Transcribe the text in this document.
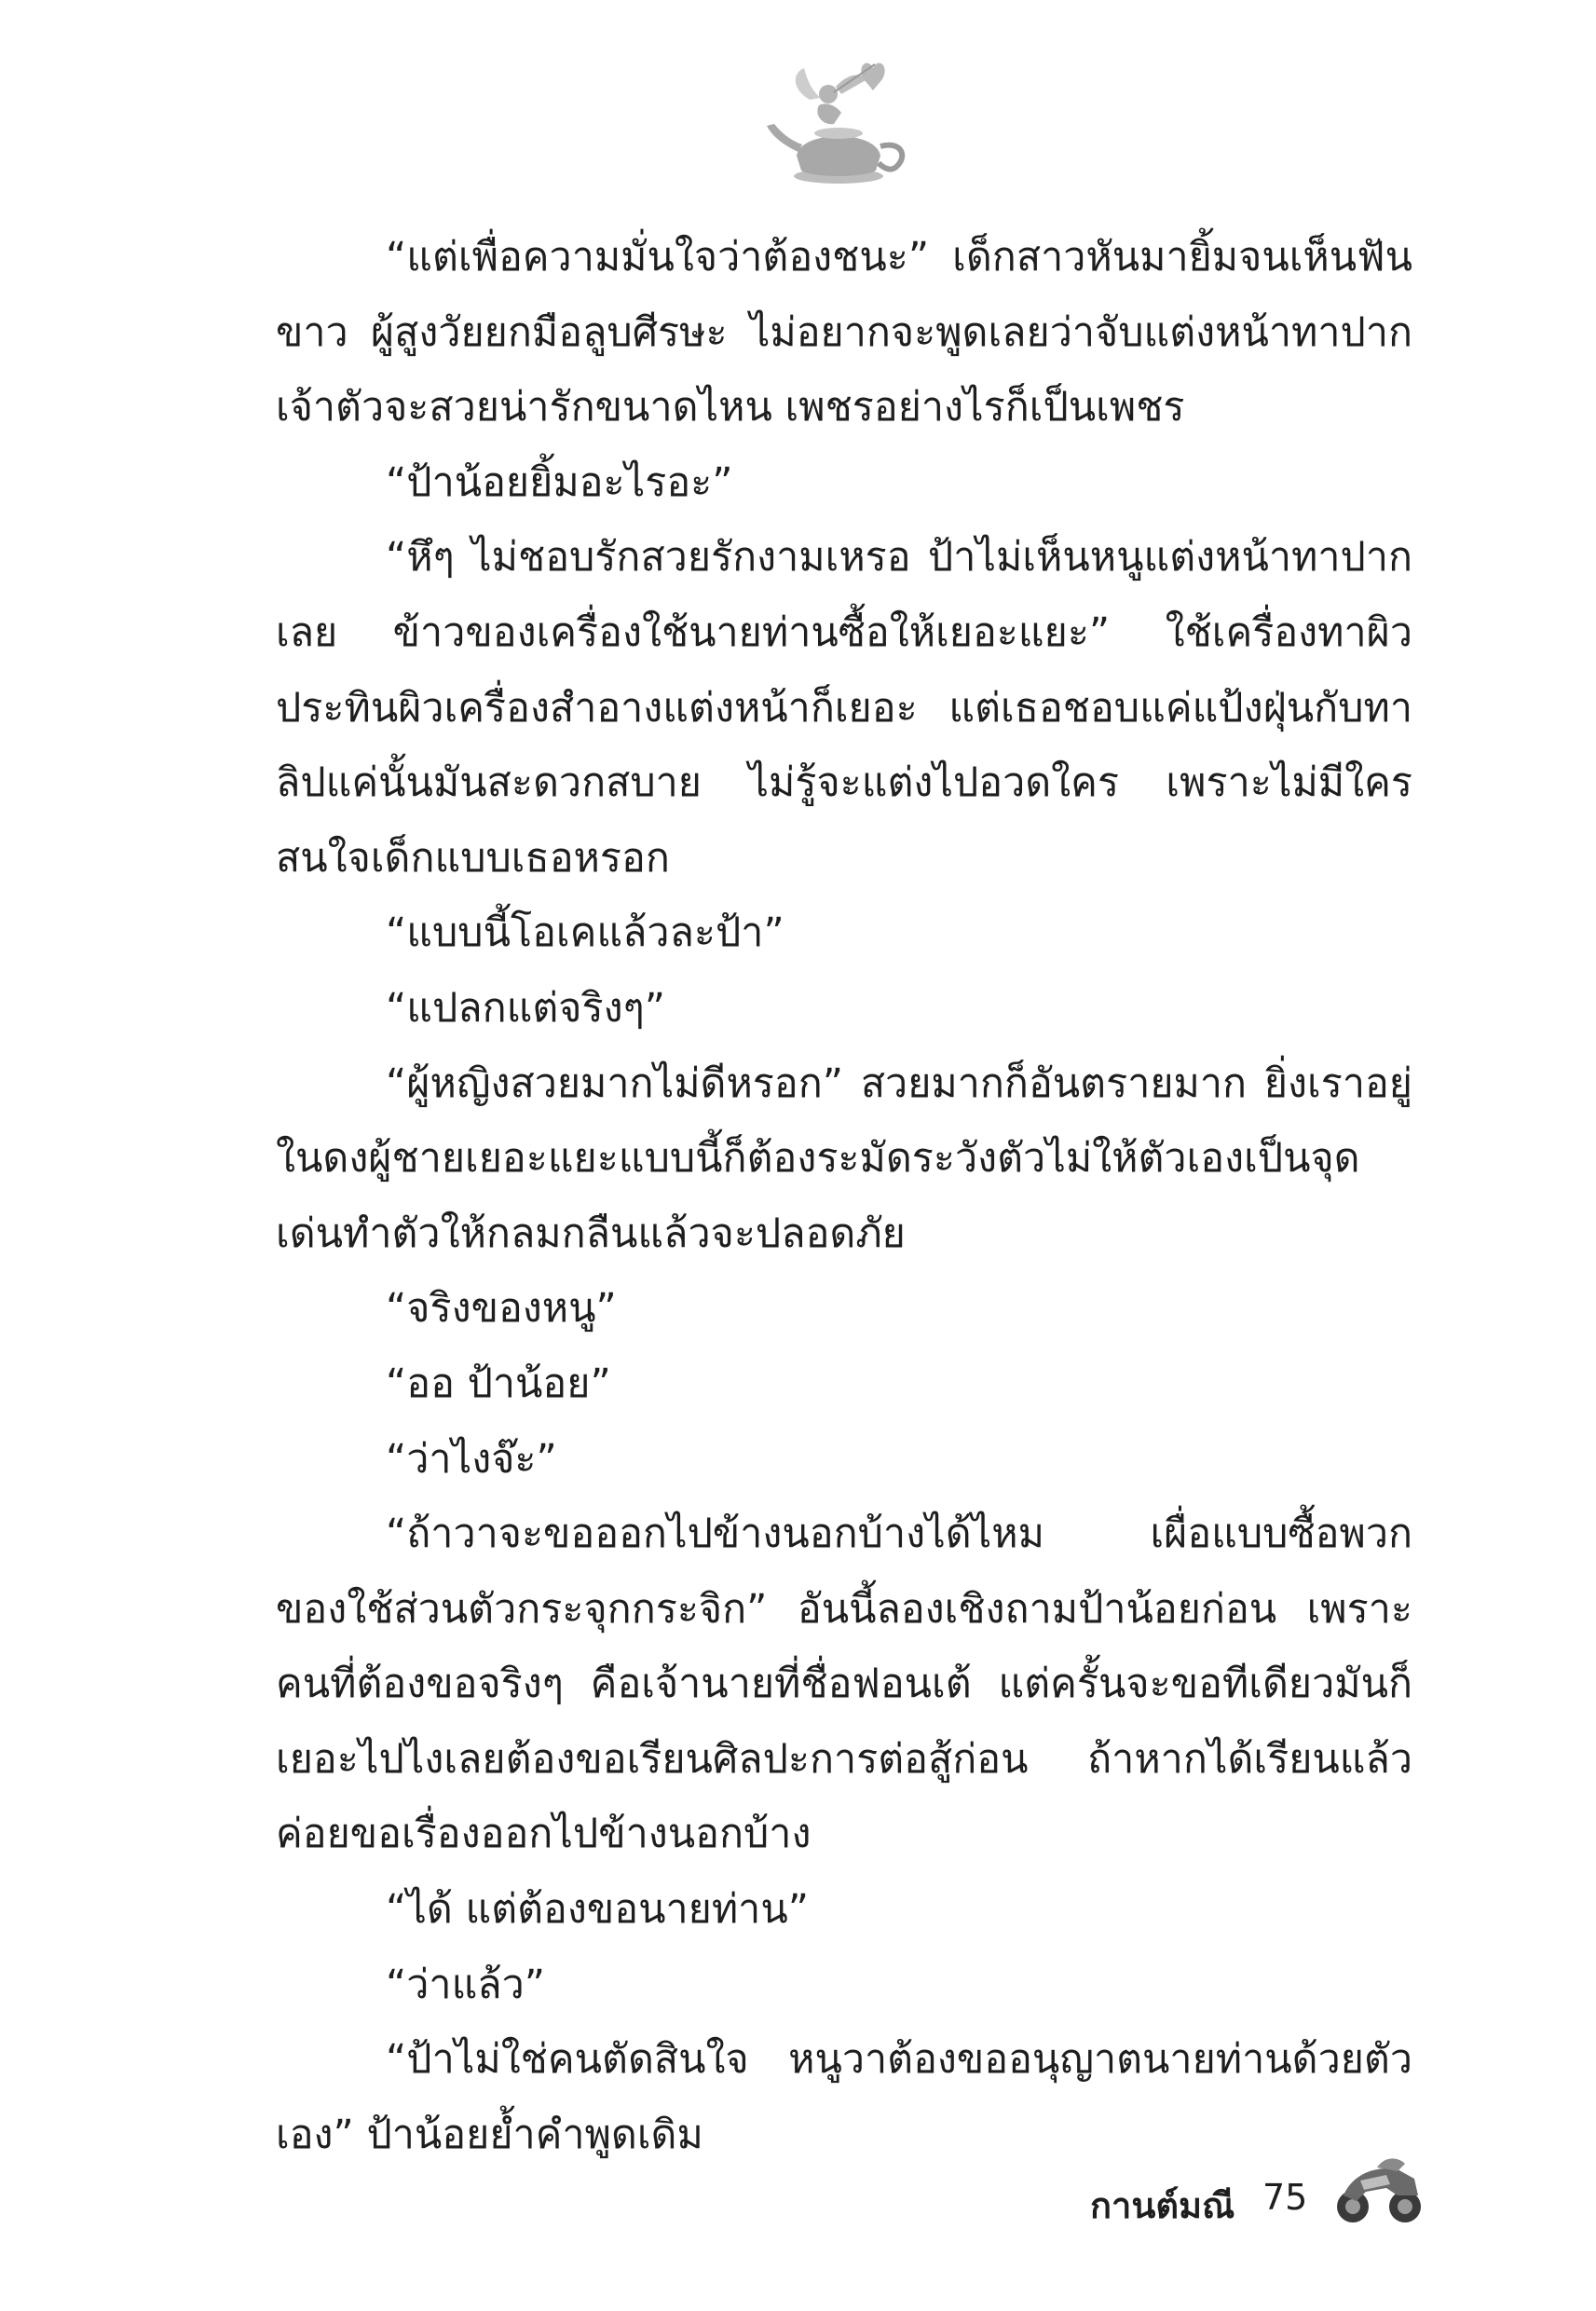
“แต่เพื่อความมั่นใจว่าต้องชนะ” เด็กสาวหันมายิ้มจนเห็นฟันขาว ผู้สูงวัยยกมือลูบศีรษะ ไม่อยากจะพูดเลยว่าจับแต่งหน้าทาปากเจ้าตัวจะสวยน่ารักขนาดไหน เพชรอย่างไรก็เป็นเพชร

“ป้าน้อยยิ้มอะไรอะ”

“หึๆ ไม่ชอบรักสวยรักงามเหรอ ป้าไม่เห็นหนูแต่งหน้าทาปากเลย ข้าวของเครื่องใช้นายท่านซื้อให้เยอะแยะ” ใช้เครื่องทาผิวประทินผิวเครื่องสำอางแต่งหน้าก็เยอะ แต่เธอชอบแค่แป้งฝุ่นกับทาลิปแค่นั้นมันสะดวกสบาย ไม่รู้จะแต่งไปอวดใคร เพราะไม่มีใครสนใจเด็กแบบเธอหรอก

“แบบนี้โอเคแล้วละป้า”

“แปลกแต่จริงๆ”

“ผู้หญิงสวยมากไม่ดีหรอก” สวยมากก็อันตรายมาก ยิ่งเราอยู่ในดงผู้ชายเยอะแยะแบบนี้ก็ต้องระมัดระวังตัวไม่ให้ตัวเองเป็นจุดเด่นทำตัวให้กลมกลืนแล้วจะปลอดภัย

“จริงของหนู”

“ออ ป้าน้อย”

“ว่าไงจ๊ะ”

“ถ้าวาจะขอออกไปข้างนอกบ้างได้ไหม เผื่อแบบซื้อพวกของใช้ส่วนตัวกระจุกกระจิก” อันนี้ลองเชิงถามป้าน้อยก่อน เพราะคนที่ต้องขอจริงๆ คือเจ้านายที่ชื่อฟอนเต้ แต่ครั้นจะขอทีเดียวมันก็เยอะไปไงเลยต้องขอเรียนศิลปะการต่อสู้ก่อน ถ้าหากได้เรียนแล้ว ค่อยขอเรื่องออกไปข้างนอกบ้าง

“ได้ แต่ต้องขอนายท่าน”

“ว่าแล้ว”

“ป้าไม่ใช่คนตัดสินใจ หนูวาต้องขออนุญาตนายท่านด้วยตัวเอง” ป้าน้อยย้ำคำพูดเดิม

กานต์มณี 75
